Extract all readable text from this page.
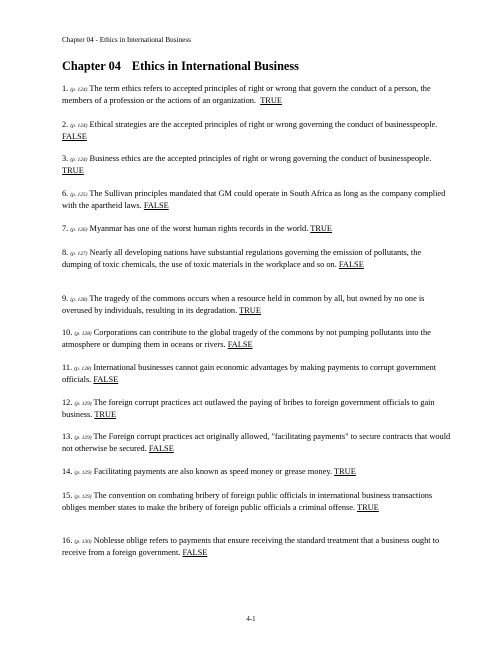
Chapter 04 - Ethics in International Business
Chapter 04 Ethics in International Business
1. (p. 124) The term ethics refers to accepted principles of right or wrong that govern the conduct of a person, the members of a profession or the actions of an organization. TRUE
2. (p. 124) Ethical strategies are the accepted principles of right or wrong governing the conduct of businesspeople. FALSE
3. (p. 124) Business ethics are the accepted principles of right or wrong governing the conduct of businesspeople. TRUE
6. (p. 125) The Sullivan principles mandated that GM could operate in South Africa as long as the company complied with the apartheid laws. FALSE
7. (p. 126) Myanmar has one of the worst human rights records in the world. TRUE
8. (p. 127) Nearly all developing nations have substantial regulations governing the emission of pollutants, the dumping of toxic chemicals, the use of toxic materials in the workplace and so on. FALSE
9. (p. 128) The tragedy of the commons occurs when a resource held in common by all, but owned by no one is overused by individuals, resulting in its degradation. TRUE
10. (p. 128) Corporations can contribute to the global tragedy of the commons by not pumping pollutants into the atmosphere or dumping them in oceans or rivers. FALSE
11. (p. 128) International businesses cannot gain economic advantages by making payments to corrupt government officials. FALSE
12. (p. 129) The foreign corrupt practices act outlawed the paying of bribes to foreign government officials to gain business. TRUE
13. (p. 129) The Foreign corrupt practices act originally allowed, "facilitating payments" to secure contracts that would not otherwise be secured. FALSE
14. (p. 129) Facilitating payments are also known as speed money or grease money. TRUE
15. (p. 129) The convention on combating bribery of foreign public officials in international business transactions obliges member states to make the bribery of foreign public officials a criminal offense. TRUE
16. (p. 130) Noblesse oblige refers to payments that ensure receiving the standard treatment that a business ought to receive from a foreign government. FALSE
4-1
